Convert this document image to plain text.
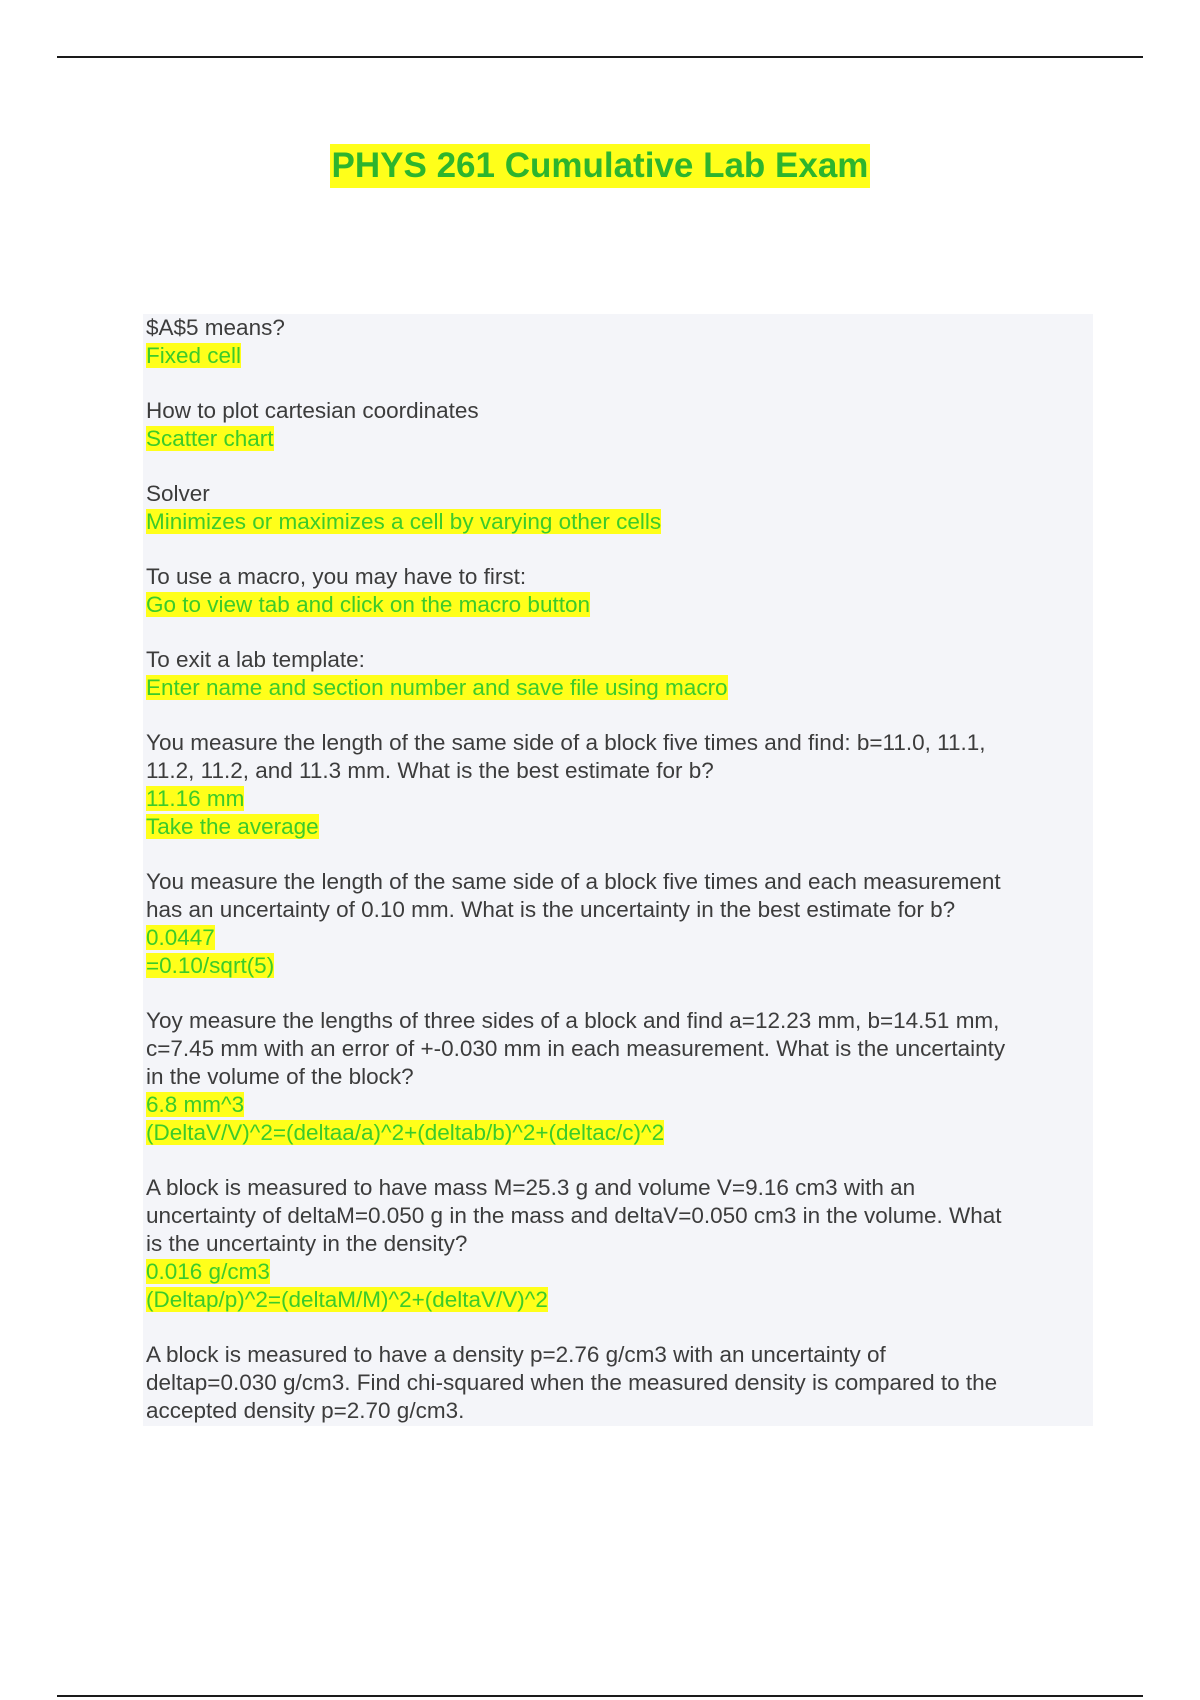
PHYS 261 Cumulative Lab Exam

$A$5 means?

Fixed cell

How to plot cartesian coordinates

Scatter chart

Solver

Minimizes or maximizes a cell by varying other cells

To use a macro, you may have to first:

Go to view tab and click on the macro button

To exit a lab template:

Enter name and section number and save file using macro

You measure the length of the same side of a block five times and find: b=11.0, 11.1,
11.2, 11.2, and 11.3 mm. What is the best estimate for b?

11.16 mm

Take the average

You measure the length of the same side of a block five times and each measurement
has an uncertainty of 0.10 mm. What is the uncertainty in the best estimate for b?

0.0447

=0.10/sqrt(5)

Yoy measure the lengths of three sides of a block and find a=12.23 mm, b=14.51 mm,
c=7.45 mm with an error of +-0.030 mm in each measurement. What is the uncertainty
in the volume of the block?

6.8 mm^3

(DeltaV/V)^2=(deltaa/a)^2+(deltab/b)^2+(deltac/c)^2

A block is measured to have mass M=25.3 g and volume V=9.16 cm3 with an
uncertainty of deltaM=0.050 g in the mass and deltaV=0.050 cm3 in the volume. What
is the uncertainty in the density?

0.016 g/cm3

(Deltap/p)^2=(deltaM/M)^2+(deltaV/V)^2

A block is measured to have a density p=2.76 g/cm3 with an uncertainty of
deltap=0.030 g/cm3. Find chi-squared when the measured density is compared to the
accepted density p=2.70 g/cm3.
